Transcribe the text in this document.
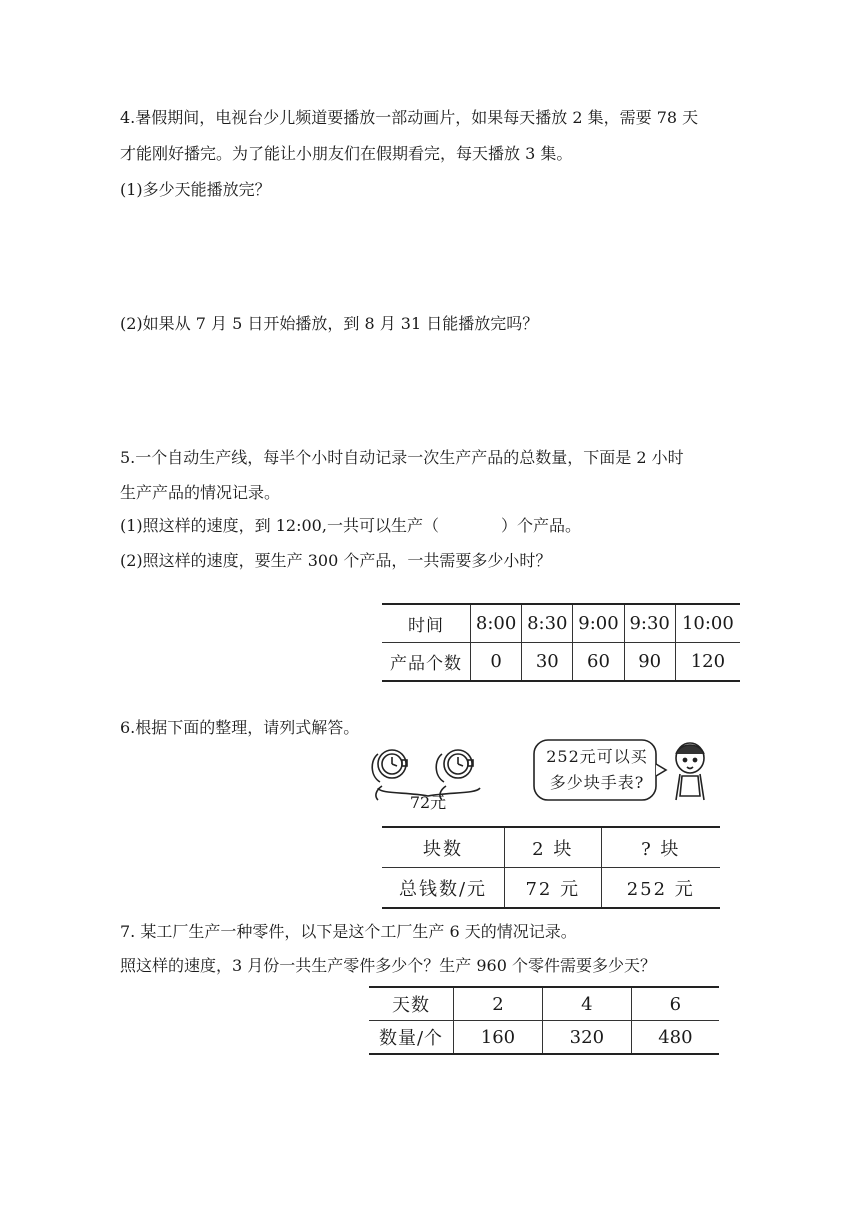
4.暑假期间，电视台少儿频道要播放一部动画片，如果每天播放 2 集，需要 78 天
才能刚好播完。为了能让小朋友们在假期看完，每天播放 3 集。
(1)多少天能播放完？
(2)如果从 7 月 5 日开始播放，到 8 月 31 日能播放完吗？
5.一个自动生产线，每半个小时自动记录一次生产产品的总数量，下面是 2 小时
生产产品的情况记录。
(1)照这样的速度，到 12:00,一共可以生产（	）个产品。
(2)照这样的速度，要生产 300 个产品，一共需要多少小时？
时间	8:00	8:30	9:00	9:30	10:00
产品个数	0	30	60	90	120
6.根据下面的整理，请列式解答。
72元
252元可以买
多少块手表?
块数	2 块	? 块
总钱数/元	72 元	252 元
7. 某工厂生产一种零件，以下是这个工厂生产 6 天的情况记录。
照这样的速度，3 月份一共生产零件多少个？生产 960 个零件需要多少天？
天数	2	4	6
数量/个	160	320	480
